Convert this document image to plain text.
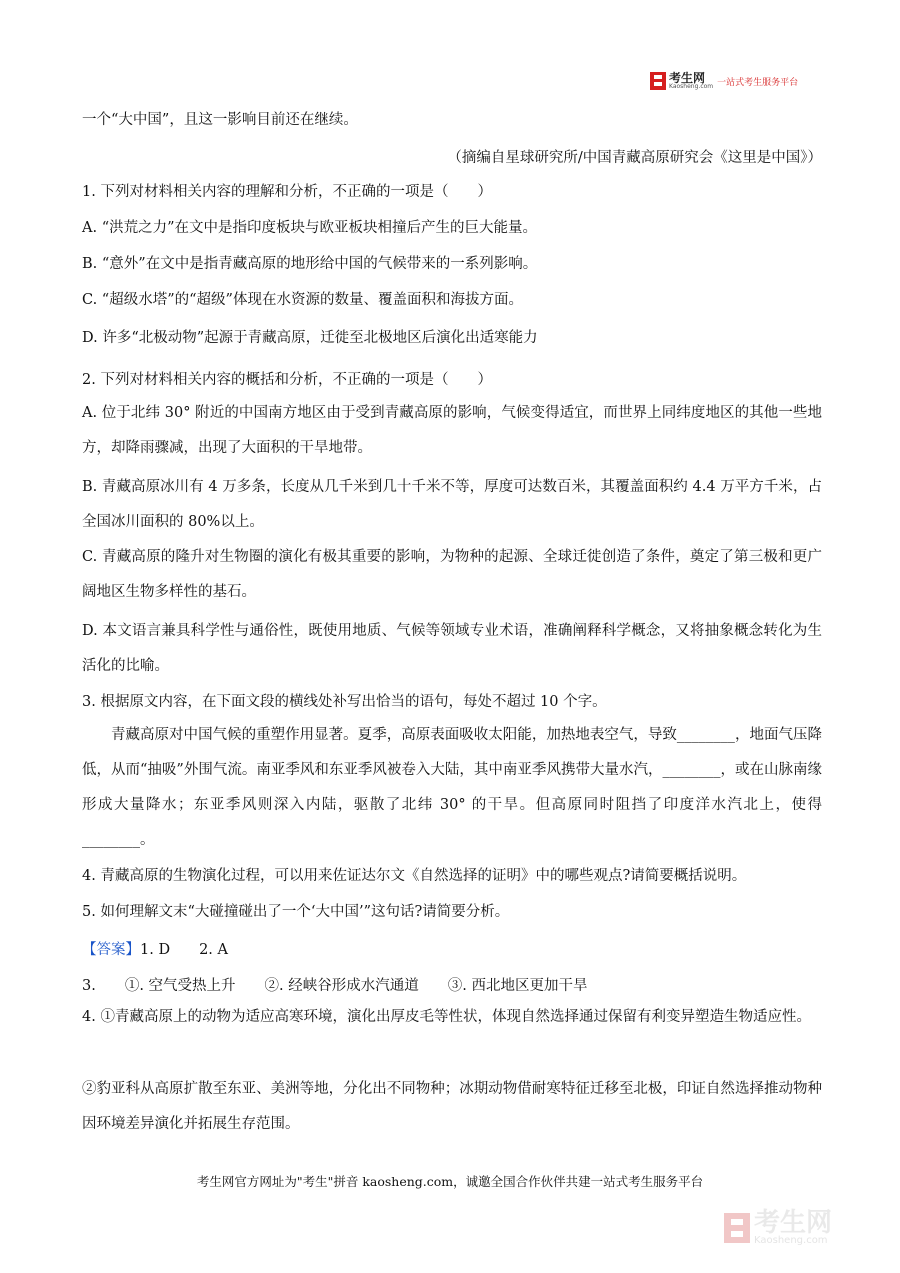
考生网
Kaosheng.com 一站式考生服务平台
一个“大中国”，且这一影响目前还在继续。
（摘编自星球研究所/中国青藏高原研究会《这里是中国》）
1. 下列对材料相关内容的理解和分析，不正确的一项是（　　）
A. “洪荒之力”在文中是指印度板块与欧亚板块相撞后产生的巨大能量。
B. “意外”在文中是指青藏高原的地形给中国的气候带来的一系列影响。
C. “超级水塔”的“超级”体现在水资源的数量、覆盖面积和海拔方面。
D. 许多“北极动物”起源于青藏高原，迁徙至北极地区后演化出适寒能力
2. 下列对材料相关内容的概括和分析，不正确的一项是（　　）
A. 位于北纬 30° 附近的中国南方地区由于受到青藏高原的影响，气候变得适宜，而世界上同纬度地区的其他一些地方，却降雨骤减，出现了大面积的干旱地带。
B. 青藏高原冰川有 4 万多条，长度从几千米到几十千米不等，厚度可达数百米，其覆盖面积约 4.4 万平方千米，占全国冰川面积的 80%以上。
C. 青藏高原的隆升对生物圈的演化有极其重要的影响，为物种的起源、全球迁徙创造了条件，奠定了第三极和更广阔地区生物多样性的基石。
D. 本文语言兼具科学性与通俗性，既使用地质、气候等领域专业术语，准确阐释科学概念，又将抽象概念转化为生活化的比喻。
3. 根据原文内容，在下面文段的横线处补写出恰当的语句，每处不超过 10 个字。
青藏高原对中国气候的重塑作用显著。夏季，高原表面吸收太阳能，加热地表空气，导致________，地面气压降低，从而“抽吸”外围气流。南亚季风和东亚季风被卷入大陆，其中南亚季风携带大量水汽，________，或在山脉南缘形成大量降水；东亚季风则深入内陆，驱散了北纬 30° 的干旱。但高原同时阻挡了印度洋水汽北上，使得________。
4. 青藏高原的生物演化过程，可以用来佐证达尔文《自然选择的证明》中的哪些观点?请简要概括说明。
5. 如何理解文末“大碰撞碰出了一个‘大中国’”这句话?请简要分析。
【答案】1. D　　2. A
3.　　①. 空气受热上升　　②. 经峡谷形成水汽通道　　③. 西北地区更加干旱
4. ①青藏高原上的动物为适应高寒环境，演化出厚皮毛等性状，体现自然选择通过保留有利变异塑造生物适应性。
②豹亚科从高原扩散至东亚、美洲等地，分化出不同物种；冰期动物借耐寒特征迁移至北极，印证自然选择推动物种因环境差异演化并拓展生存范围。
考生网官方网址为"考生"拼音 kaosheng.com，诚邀全国合作伙伴共建一站式考生服务平台
考生网
Kaosheng.com
